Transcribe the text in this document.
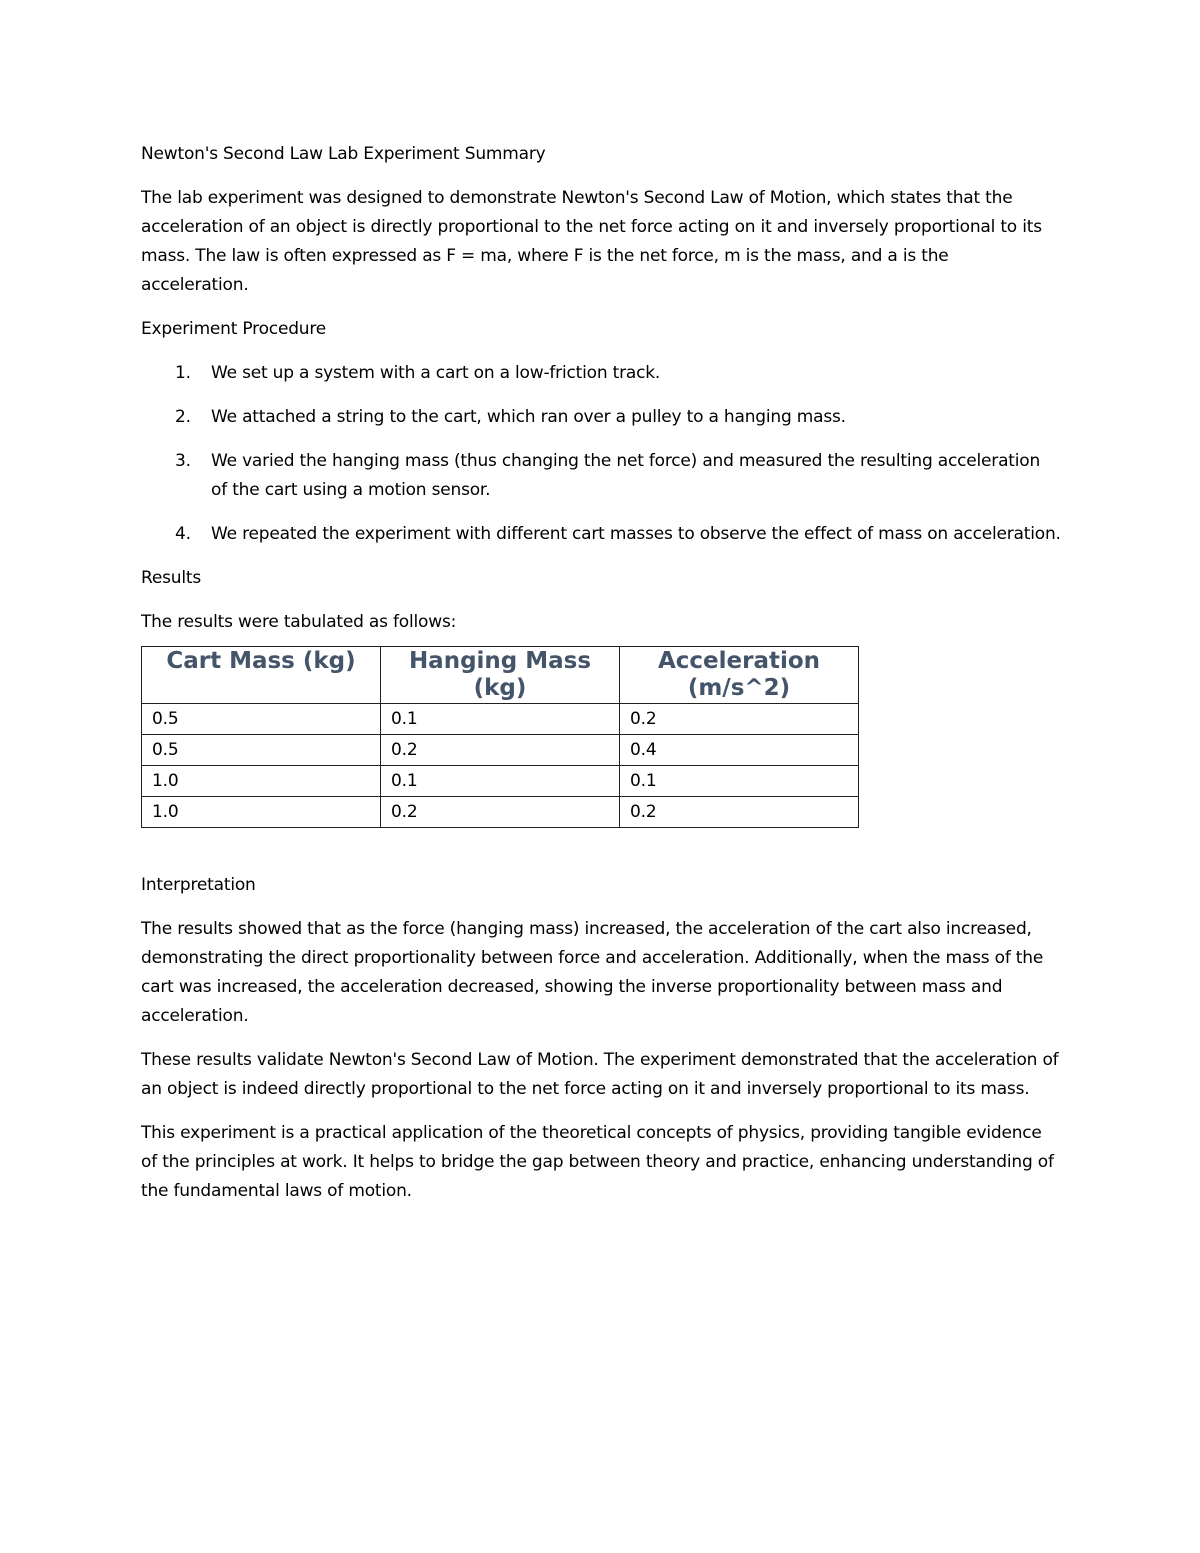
Newton's Second Law Lab Experiment Summary

The lab experiment was designed to demonstrate Newton's Second Law of Motion, which states that the acceleration of an object is directly proportional to the net force acting on it and inversely proportional to its mass. The law is often expressed as F = ma, where F is the net force, m is the mass, and a is the acceleration.

Experiment Procedure

1. We set up a system with a cart on a low-friction track.
2. We attached a string to the cart, which ran over a pulley to a hanging mass.
3. We varied the hanging mass (thus changing the net force) and measured the resulting acceleration of the cart using a motion sensor.
4. We repeated the experiment with different cart masses to observe the effect of mass on acceleration.

Results

The results were tabulated as follows:

Cart Mass (kg)	Hanging Mass (kg)	Acceleration (m/s^2)
0.5	0.1	0.2
0.5	0.2	0.4
1.0	0.1	0.1
1.0	0.2	0.2

Interpretation

The results showed that as the force (hanging mass) increased, the acceleration of the cart also increased, demonstrating the direct proportionality between force and acceleration. Additionally, when the mass of the cart was increased, the acceleration decreased, showing the inverse proportionality between mass and acceleration.

These results validate Newton's Second Law of Motion. The experiment demonstrated that the acceleration of an object is indeed directly proportional to the net force acting on it and inversely proportional to its mass.

This experiment is a practical application of the theoretical concepts of physics, providing tangible evidence of the principles at work. It helps to bridge the gap between theory and practice, enhancing understanding of the fundamental laws of motion.
